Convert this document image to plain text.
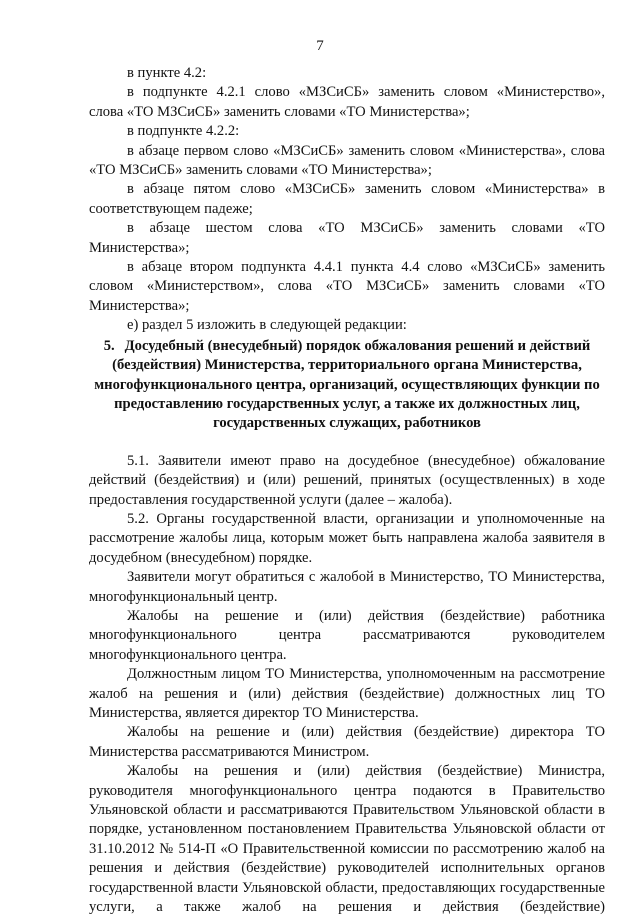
7

в пункте 4.2:

в подпункте 4.2.1 слово «МЗСиСБ» заменить словом «Министерство», слова «ТО МЗСиСБ» заменить словами «ТО Министерства»;

в подпункте 4.2.2:

в абзаце первом слово «МЗСиСБ» заменить словом «Министерства», слова «ТО МЗСиСБ» заменить словами «ТО Министерства»;

в абзаце пятом слово «МЗСиСБ» заменить словом «Министерства» в соответствующем падеже;

в абзаце шестом слова «ТО МЗСиСБ» заменить словами «ТО Министерства»;

в абзаце втором подпункта 4.4.1 пункта 4.4 слово «МЗСиСБ» заменить словом «Министерством», слова «ТО МЗСиСБ» заменить словами «ТО Министерства»;

е) раздел 5 изложить в следующей редакции:

5. Досудебный (внесудебный) порядок обжалования решений и действий (бездействия) Министерства, территориального органа Министерства, многофункционального центра, организаций, осуществляющих функции по предоставлению государственных услуг, а также их должностных лиц, государственных служащих, работников

5.1. Заявители имеют право на досудебное (внесудебное) обжалование действий (бездействия) и (или) решений, принятых (осуществленных) в ходе предоставления государственной услуги (далее – жалоба).

5.2. Органы государственной власти, организации и уполномоченные на рассмотрение жалобы лица, которым может быть направлена жалоба заявителя в досудебном (внесудебном) порядке.

Заявители могут обратиться с жалобой в Министерство, ТО Министерства, многофункциональный центр.

Жалобы на решение и (или) действия (бездействие) работника многофункционального центра рассматриваются руководителем многофункционального центра.

Должностным лицом ТО Министерства, уполномоченным на рассмотрение жалоб на решения и (или) действия (бездействие) должностных лиц ТО Министерства, является директор ТО Министерства.

Жалобы на решение и (или) действия (бездействие) директора ТО Министерства рассматриваются Министром.

Жалобы на решения и (или) действия (бездействие) Министра, руководителя многофункционального центра подаются в Правительство Ульяновской области и рассматриваются Правительством Ульяновской области в порядке, установленном постановлением Правительства Ульяновской области от 31.10.2012 № 514-П «О Правительственной комиссии по рассмотрению жалоб на решения и действия (бездействие) руководителей исполнительных органов государственной власти Ульяновской области, предоставляющих государственные услуги, а также жалоб на решения и действия (бездействие)
